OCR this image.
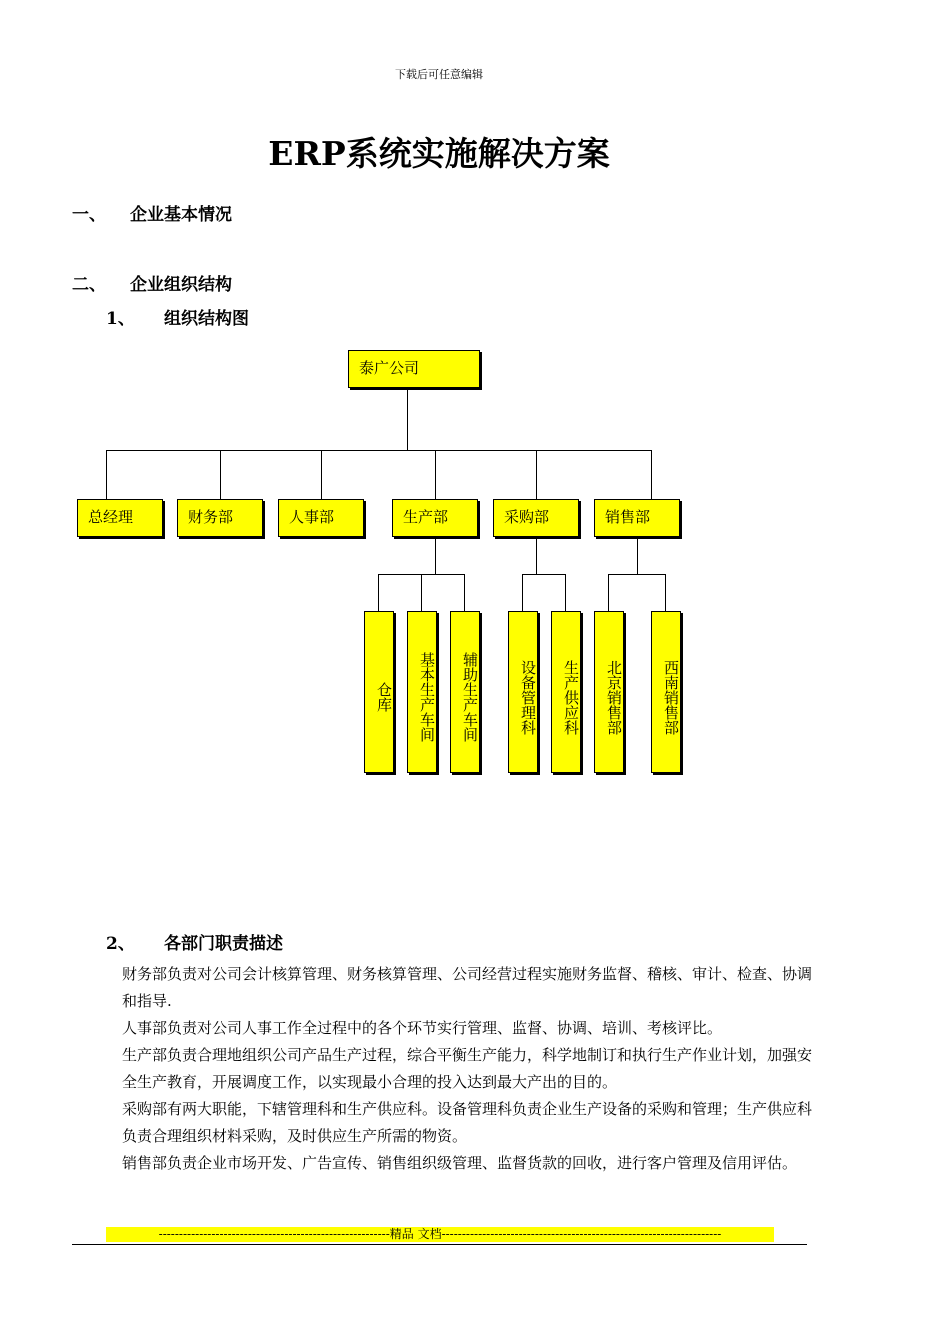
下载后可任意编辑
ERP系统实施解决方案
一、 企业基本情况
二、 企业组织结构
1、 组织结构图
泰广公司
总经理	财务部	人事部	生产部	采购部	销售部
仓库	基本生产车间	辅助生产车间	设备管理科	生产供应科	北京销售部	西南销售部
2、 各部门职责描述
财务部负责对公司会计核算管理、财务核算管理、公司经营过程实施财务监督、稽核、审计、检查、协调和指导.
人事部负责对公司人事工作全过程中的各个环节实行管理、监督、协调、培训、考核评比。
生产部负责合理地组织公司产品生产过程，综合平衡生产能力，科学地制订和执行生产作业计划，加强安全生产教育，开展调度工作，以实现最小合理的投入达到最大产出的目的。
采购部有两大职能，下辖管理科和生产供应科。设备管理科负责企业生产设备的采购和管理；生产供应科负责合理组织材料采购，及时供应生产所需的物资。
销售部负责企业市场开发、广告宣传、销售组织级管理、监督货款的回收，进行客户管理及信用评估。
---------------------------------------------------------精品 文档---------------------------------------------------------------------
